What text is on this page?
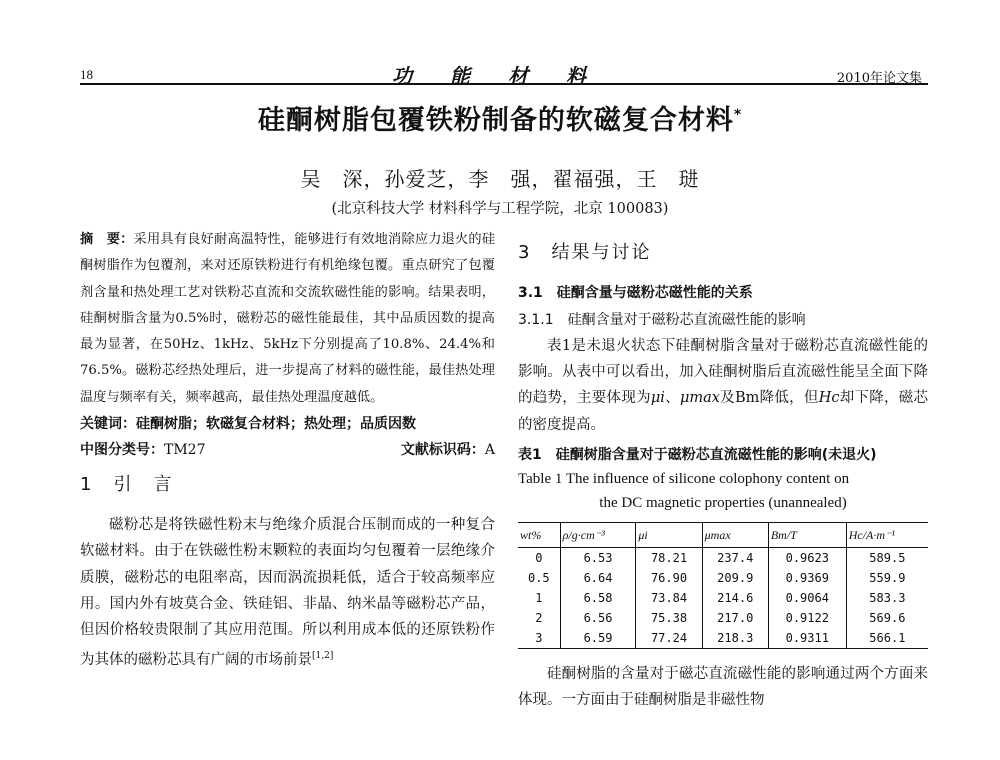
18	功能材料	2010年论文集
硅酮树脂包覆铁粉制备的软磁复合材料*
吴　深，孙爱芝，李　强，翟福强，王　琎
(北京科技大学 材料科学与工程学院，北京 100083)
摘　要：采用具有良好耐高温特性，能够进行有效地消除应力退火的硅酮树脂作为包覆剂，来对还原铁粉进行有机绝缘包覆。重点研究了包覆剂含量和热处理工艺对铁粉芯直流和交流软磁性能的影响。结果表明，硅酮树脂含量为0.5%时，磁粉芯的磁性能最佳，其中品质因数的提高最为显著，在50Hz、1kHz、5kHz下分别提高了10.8%、24.4%和76.5%。磁粉芯经热处理后，进一步提高了材料的磁性能，最佳热处理温度与频率有关，频率越高，最佳热处理温度越低。
关键词：硅酮树脂；软磁复合材料；热处理；品质因数
中图分类号：TM27	文献标识码：A
1　引　言
磁粉芯是将铁磁性粉末与绝缘介质混合压制而成的一种复合软磁材料。由于在铁磁性粉末颗粒的表面均匀包覆着一层绝缘介质膜，磁粉芯的电阻率高，因而涡流损耗低，适合于较高频率应用。国内外有坡莫合金、铁硅铝、非晶、纳米晶等磁粉芯产品，但因价格较贵限制了其应用范围。所以利用成本低的还原铁粉作为其体的磁粉芯具有广阔的市场前景[1,2]
3　结果与讨论
3.1　硅酮含量与磁粉芯磁性能的关系
3.1.1　硅酮含量对于磁粉芯直流磁性能的影响
表1是未退火状态下硅酮树脂含量对于磁粉芯直流磁性能的影响。从表中可以看出，加入硅酮树脂后直流磁性能呈全面下降的趋势，主要体现为μi、μmax及Bm降低，但Hc却下降，磁芯的密度提高。
表1　硅酮树脂含量对于磁粉芯直流磁性能的影响(未退火)
Table 1 The influence of silicone colophony content on
the DC magnetic properties (unannealed)
wt%	ρ/g·cm⁻³	μi	μmax	Bm/T	Hc/A·m⁻¹
0	6.53	78.21	237.4	0.9623	589.5
0.5	6.64	76.90	209.9	0.9369	559.9
1	6.58	73.84	214.6	0.9064	583.3
2	6.56	75.38	217.0	0.9122	569.6
3	6.59	77.24	218.3	0.9311	566.1
硅酮树脂的含量对于磁芯直流磁性能的影响通过两个方面来体现。一方面由于硅酮树脂是非磁性物
